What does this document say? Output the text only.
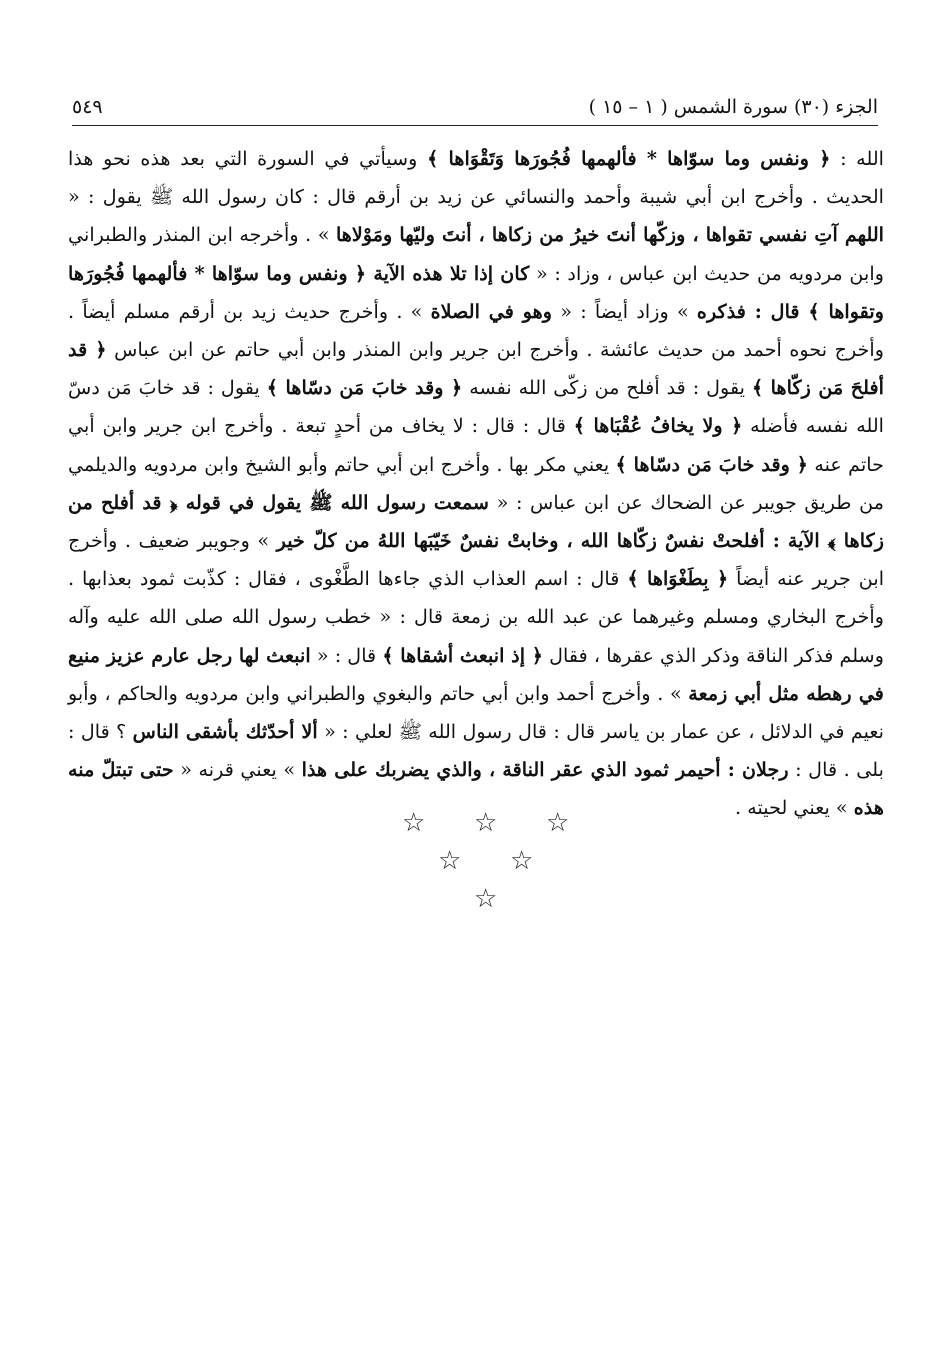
الجزء (٣٠) سورة الشمس ( ١ – ١٥ )
٥٤٩

الله : ﴿ ونفس وما سوّاها * فألهمها فُجُورَها وَتَقْوَاها ﴾ وسيأتي في السورة التي بعد هذه نحو هذا الحديث . وأخرج ابن أبي شيبة وأحمد والنسائي عن زيد بن أرقم قال : كان رسول الله ﷺ يقول : « اللهم آتِ نفسي تقواها ، وزكّها أنتَ خيرُ من زكاها ، أنتَ وليّها ومَوْلاها » . وأخرجه ابن المنذر والطبراني وابن مردويه من حديث ابن عباس ، وزاد : « كان إذا تلا هذه الآية ﴿ ونفس وما سوّاها * فألهمها فُجُورَها وتقواها ﴾ قال : فذكره » وزاد أيضاً : « وهو في الصلاة » . وأخرج حديث زيد بن أرقم مسلم أيضاً . وأخرج نحوه أحمد من حديث عائشة . وأخرج ابن جرير وابن المنذر وابن أبي حاتم عن ابن عباس ﴿ قد أفلحَ مَن زكّاها ﴾ يقول : قد أفلح من زكّى الله نفسه ﴿ وقد خابَ مَن دسّاها ﴾ يقول : قد خابَ مَن دسّ الله نفسه فأضله ﴿ ولا يخافُ عُقْبَاها ﴾ قال : قال : لا يخاف من أحدٍ تبعة . وأخرج ابن جرير وابن أبي حاتم عنه ﴿ وقد خابَ مَن دسّاها ﴾ يعني مكر بها . وأخرج ابن أبي حاتم وأبو الشيخ وابن مردويه والديلمي من طريق جويبر عن الضحاك عن ابن عباس : « سمعت رسول الله ﷺ يقول في قوله ﴿ قد أفلح من زكاها ﴾ الآية : أفلحتْ نفسٌ زكّاها الله ، وخابتْ نفسٌ خَيّبَها اللهُ من كلّ خير » وجويبر ضعيف . وأخرج ابن جرير عنه أيضاً ﴿ بِطَغْوَاها ﴾ قال : اسم العذاب الذي جاءها الطَّغْوى ، فقال : كذّبت ثمود بعذابها . وأخرج البخاري ومسلم وغيرهما عن عبد الله بن زمعة قال : « خطب رسول الله صلى الله عليه وآله وسلم فذكر الناقة وذكر الذي عقرها ، فقال ﴿ إذ انبعث أشقاها ﴾ قال : « انبعث لها رجل عارم عزيز منيع في رهطه مثل أبي زمعة » . وأخرج أحمد وابن أبي حاتم والبغوي والطبراني وابن مردويه والحاكم ، وأبو نعيم في الدلائل ، عن عمار بن ياسر قال : قال رسول الله ﷺ لعلي : « ألا أحدّثك بأشقى الناس ؟ قال : بلى . قال : رجلان : أحيمر ثمود الذي عقر الناقة ، والذي يضربك على هذا » يعني قرنه « حتى تبتلّ منه هذه » يعني لحيته .

☆ ☆ ☆
☆ ☆
☆
